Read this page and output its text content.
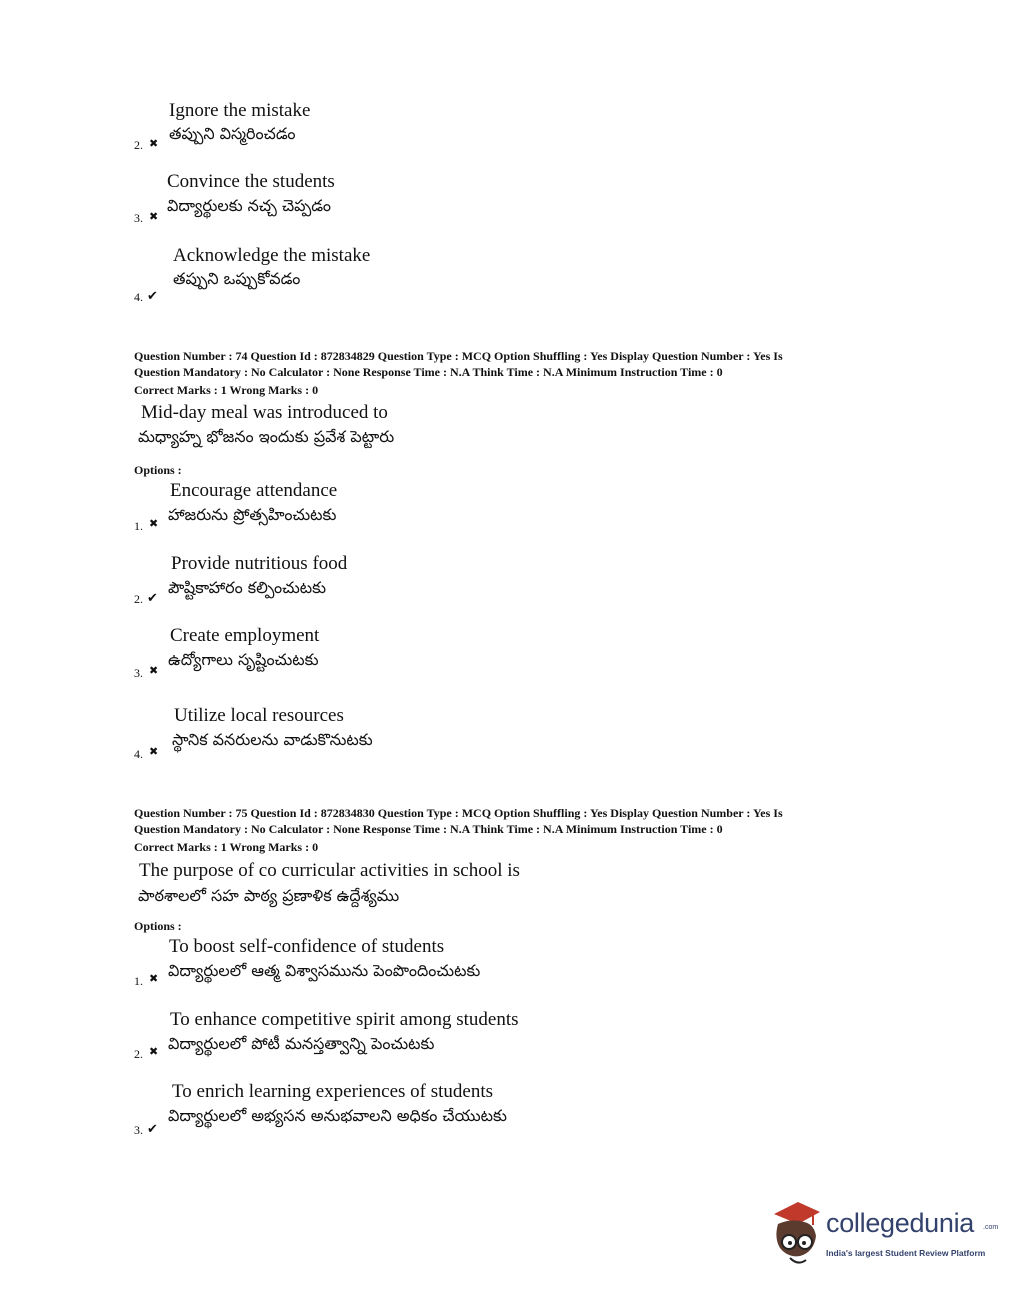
Ignore the mistake
తప్పుని విస్మరించడం
2. ✖
Convince the students
విద్యార్థులకు నచ్చ చెప్పడం
3. ✖
Acknowledge the mistake
తప్పుని ఒప్పుకోవడం
4. ✔
Question Number : 74 Question Id : 872834829 Question Type : MCQ Option Shuffling : Yes Display Question Number : Yes Is
Question Mandatory : No Calculator : None Response Time : N.A Think Time : N.A Minimum Instruction Time : 0
Correct Marks : 1 Wrong Marks : 0
Mid-day meal was introduced to
మధ్యాహ్న భోజనం ఇందుకు ప్రవేశ పెట్టారు
Options :
Encourage attendance
హాజరును ప్రోత్సహించుటకు
1. ✖
Provide nutritious food
పౌష్టికాహారం కల్పించుటకు
2. ✔
Create employment
ఉద్యోగాలు సృష్టించుటకు
3. ✖
Utilize local resources
స్థానిక వనరులను వాడుకొనుటకు
4. ✖
Question Number : 75 Question Id : 872834830 Question Type : MCQ Option Shuffling : Yes Display Question Number : Yes Is
Question Mandatory : No Calculator : None Response Time : N.A Think Time : N.A Minimum Instruction Time : 0
Correct Marks : 1 Wrong Marks : 0
The purpose of co curricular activities in school is
పాఠశాలలో సహ పాఠ్య ప్రణాళిక ఉద్దేశ్యము
Options :
To boost self-confidence of students
విద్యార్థులలో ఆత్మ విశ్వాసమును పెంపొందించుటకు
1. ✖
To enhance competitive spirit among students
విద్యార్థులలో పోటీ మనస్తత్వాన్ని పెంచుటకు
2. ✖
To enrich learning experiences of students
విద్యార్థులలో అభ్యసన అనుభవాలని అధికం చేయుటకు
3. ✔
collegedunia .com
India's largest Student Review Platform
